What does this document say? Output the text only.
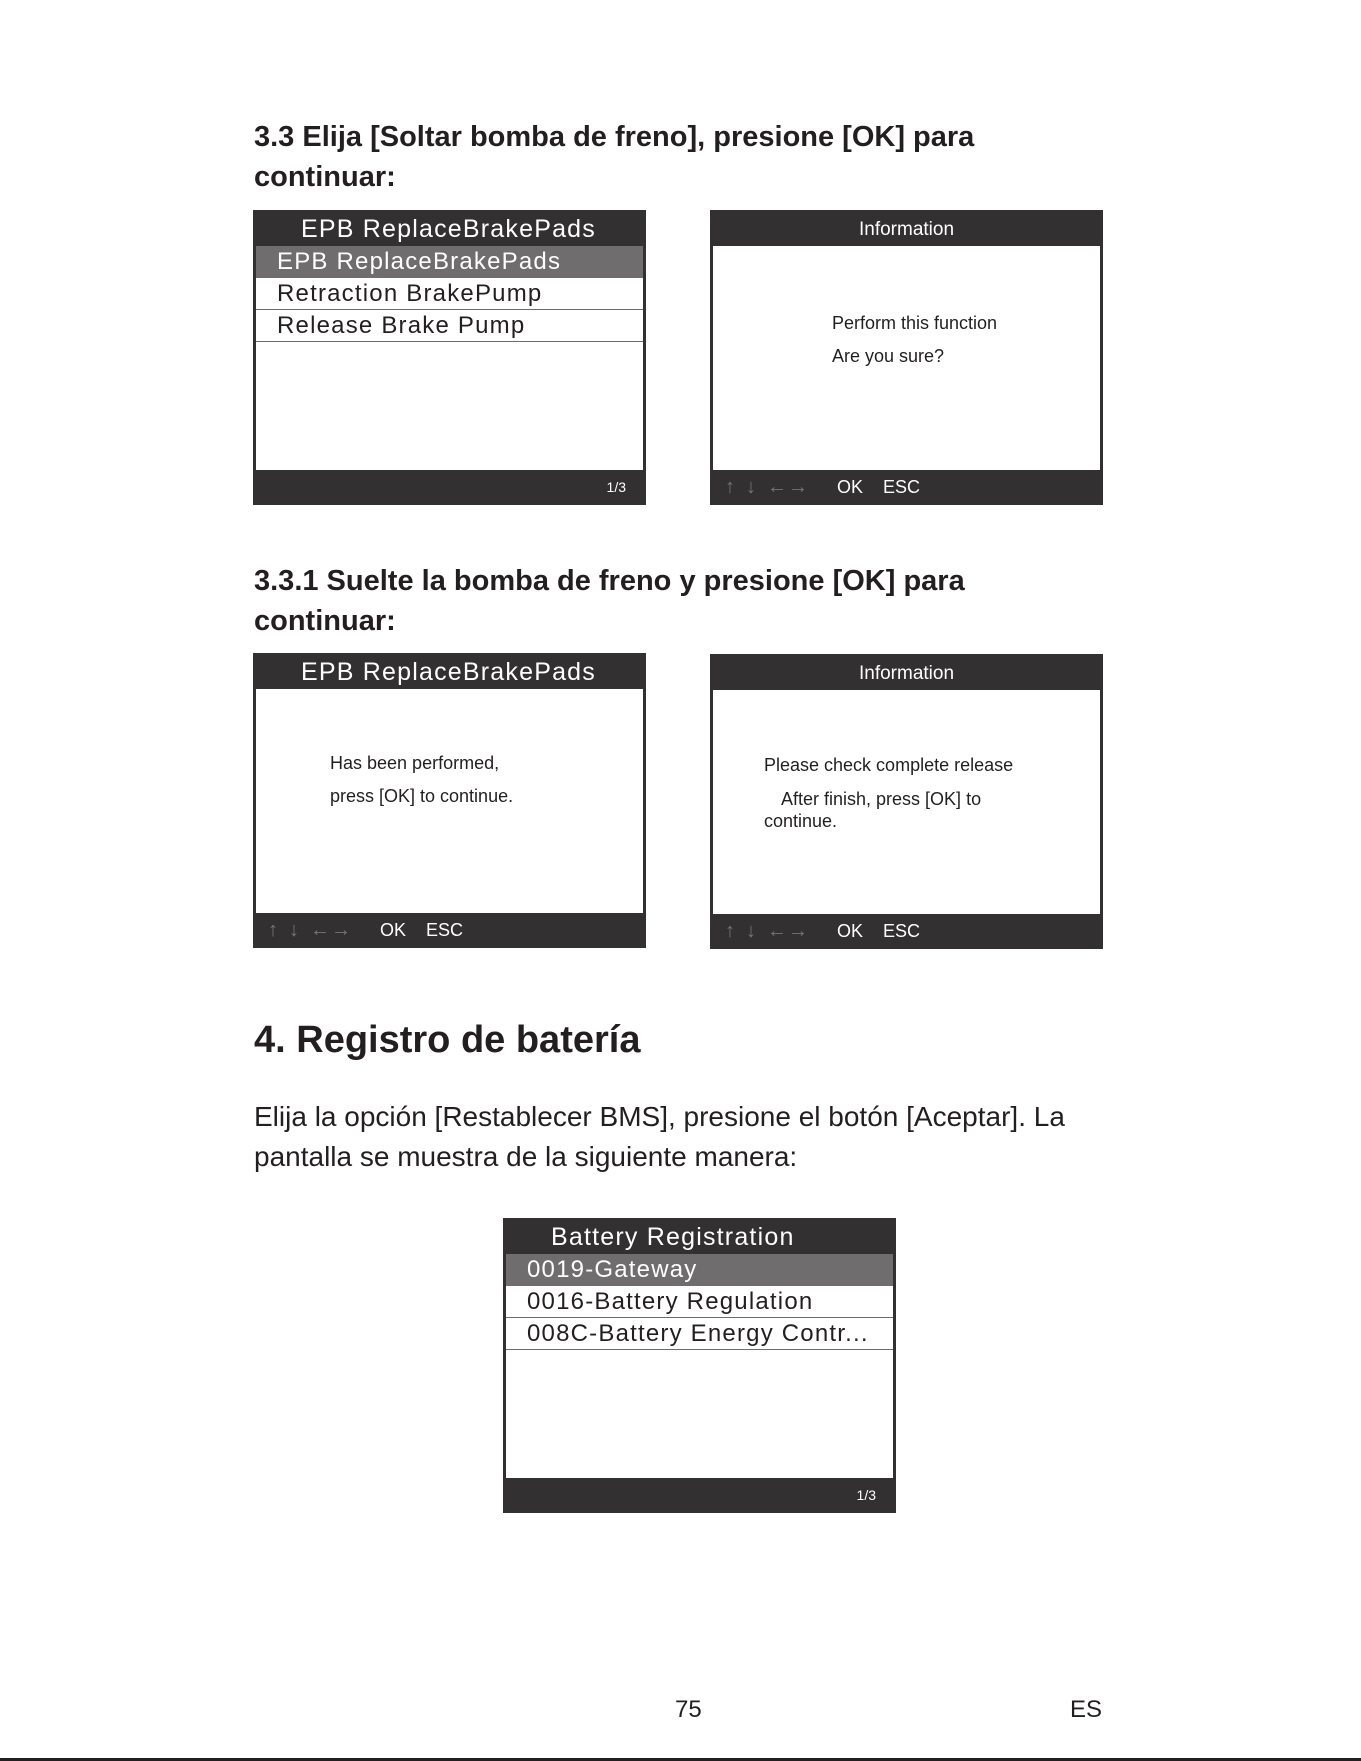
3.3 Elija [Soltar bomba de freno], presione [OK] para
continuar:
EPB ReplaceBrakePads
EPB ReplaceBrakePads
Retraction BrakePump
Release Brake Pump
1/3
Information
Perform this function
Are you sure?
↑ ↓ ←→ OK ESC
3.3.1 Suelte la bomba de freno y presione [OK] para
continuar:
EPB ReplaceBrakePads
Has been performed,
press [OK] to continue.
↑ ↓ ←→ OK ESC
Information
Please check complete release
After finish, press [OK] to
continue.
↑ ↓ ←→ OK ESC
4. Registro de batería

Elija la opción [Restablecer BMS], presione el botón [Aceptar]. La
pantalla se muestra de la siguiente manera:

Battery Registration
0019-Gateway
0016-Battery Regulation
008C-Battery Energy Contr...
1/3
75	ES
